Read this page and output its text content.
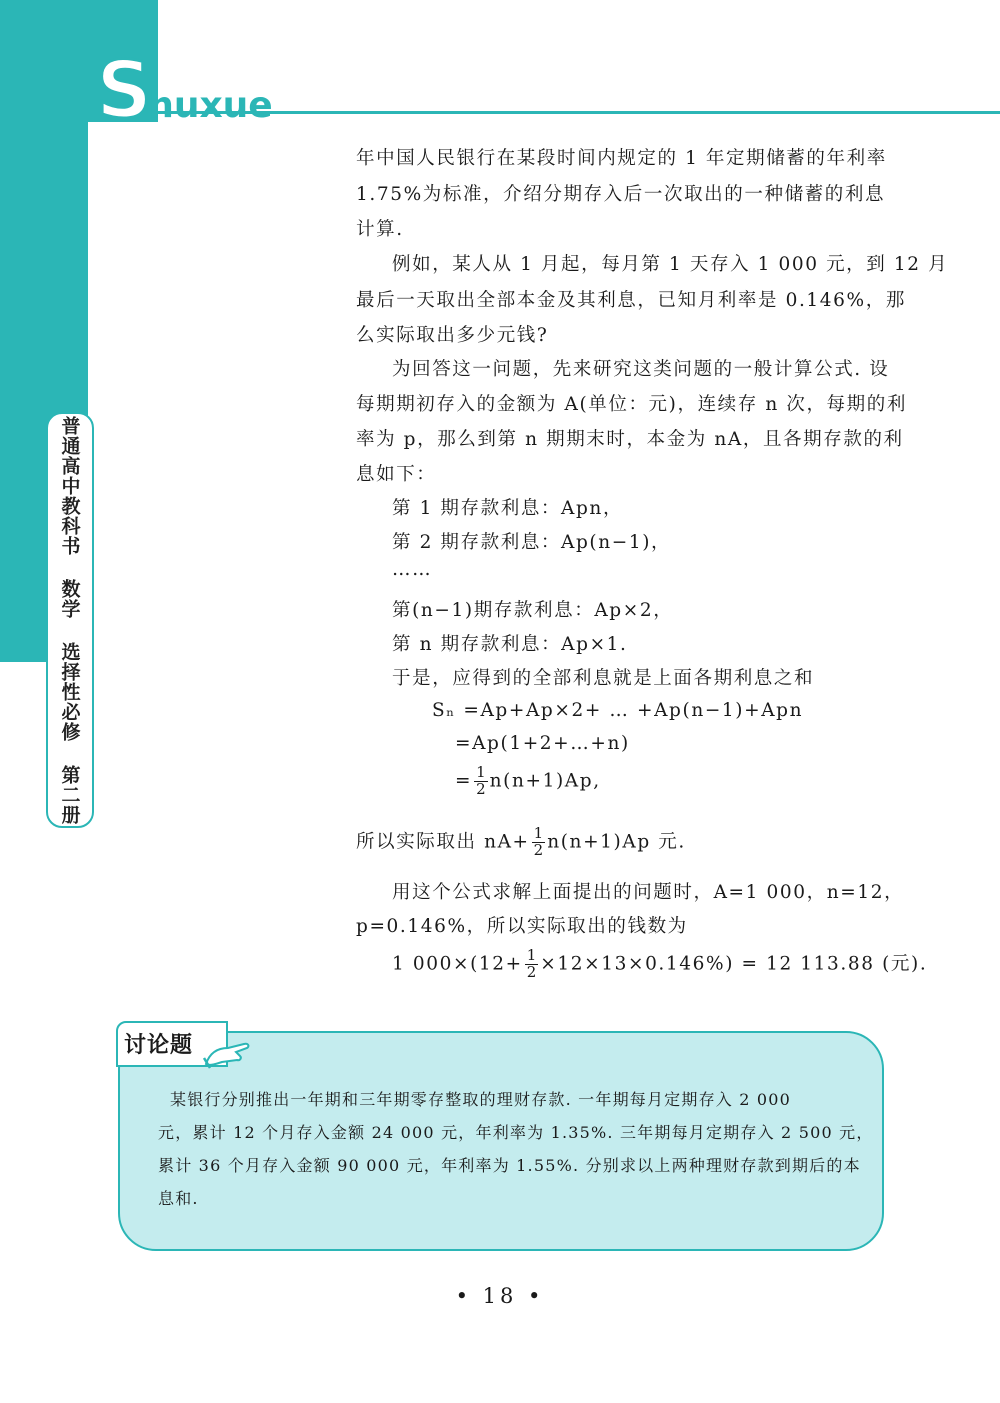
Shuxue
普通高中教科书 数学 选择性必修 第二册
年中国人民银行在某段时间内规定的 1 年定期储蓄的年利率
1.75%为标准，介绍分期存入后一次取出的一种储蓄的利息
计算.
例如，某人从 1 月起，每月第 1 天存入 1 000 元，到 12 月
最后一天取出全部本金及其利息，已知月利率是 0.146%，那
么实际取出多少元钱?
为回答这一问题，先来研究这类问题的一般计算公式. 设
每期期初存入的金额为 A(单位：元)，连续存 n 次，每期的利
率为 p，那么到第 n 期期末时，本金为 nA，且各期存款的利
息如下：
第 1 期存款利息：Apn，
第 2 期存款利息：Ap(n−1)，
……
第(n−1)期存款利息：Ap×2，
第 n 期存款利息：Ap×1.
于是，应得到的全部利息就是上面各期利息之和
Sₙ =Ap+Ap×2+ … +Ap(n−1)+Apn
=Ap(1+2+…+n)
= $\frac{1}{2} n(n+1)Ap$,
所以实际取出 $nA+ \frac{1}{2} n(n+1)Ap$ 元.
用这个公式求解上面提出的问题时，A=1 000，n=12，
p=0.146%，所以实际取出的钱数为
1 $000\times(12+ \frac{1}{2} \times 12\times 13\times 0.146\%) = 12$ 113.88 (元).
讨论题
某银行分别推出一年期和三年期零存整取的理财存款. 一年期每月定期存入 2 000
元，累计 12 个月存入金额 24 000 元，年利率为 1.35%. 三年期每月定期存入 2 500 元，
累计 36 个月存入金额 90 000 元，年利率为 1.55%. 分别求以上两种理财存款到期后的本
息和.
• 18 •
